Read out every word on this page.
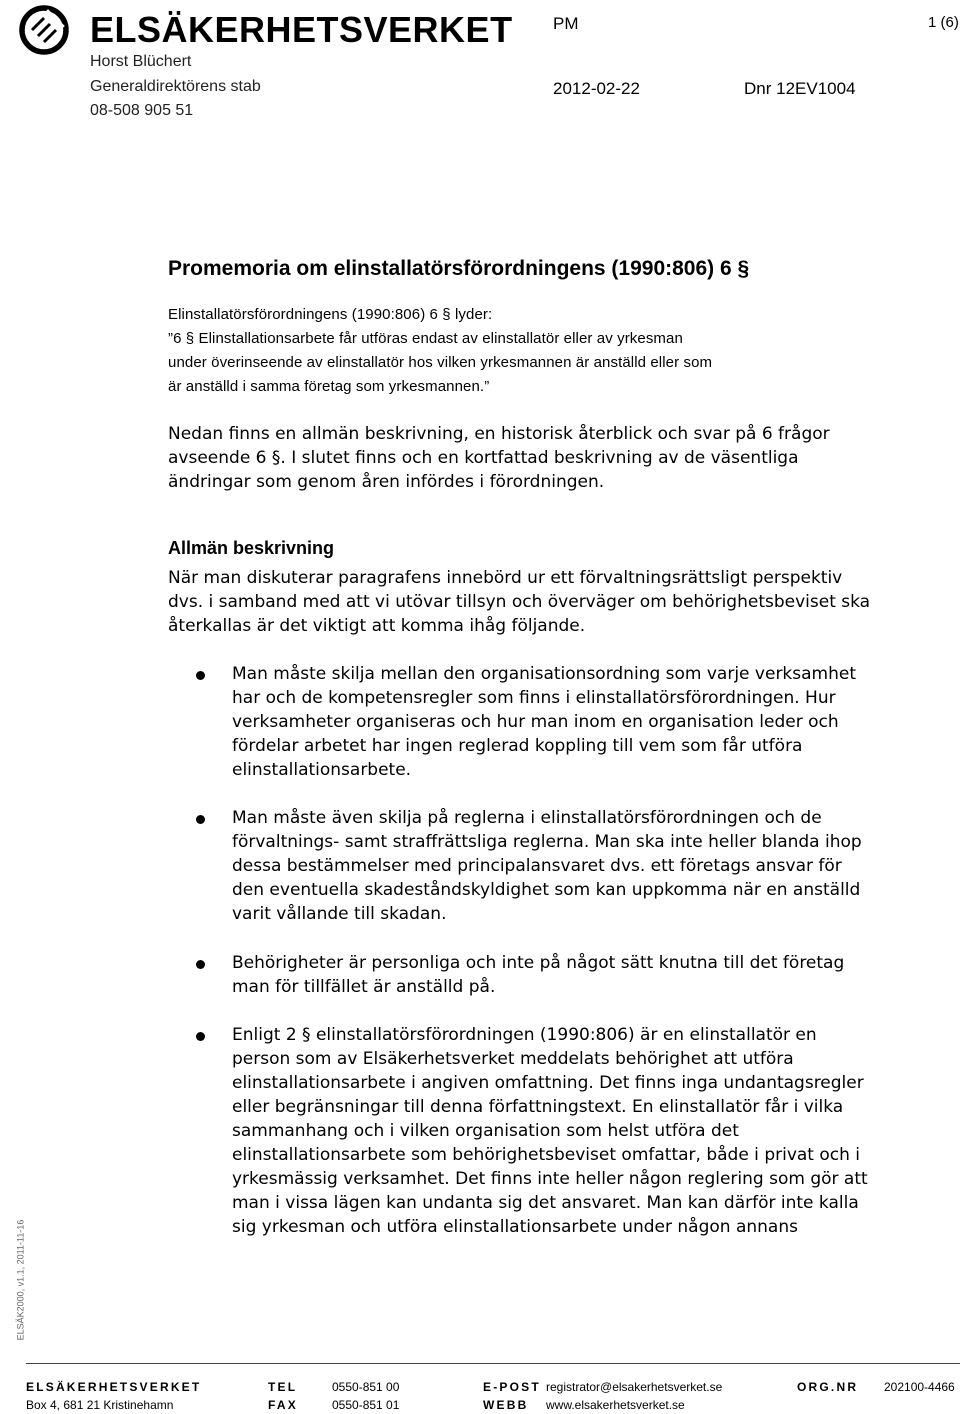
ELSÄKERHETSVERKET PM	1 (6)
Horst Blüchert
Generaldirektörens stab
08-508 905 51
2012-02-22	Dnr 12EV1004
Promemoria om elinstallatörsförordningens (1990:806) 6 §
Elinstallatörsförordningens (1990:806) 6 § lyder:
”6 § Elinstallationsarbete får utföras endast av elinstallatör eller av yrkesman
under överinseende av elinstallatör hos vilken yrkesmannen är anställd eller som
är anställd i samma företag som yrkesmannen.”
Nedan finns en allmän beskrivning, en historisk återblick och svar på 6 frågor
avseende 6 §. I slutet finns och en kortfattad beskrivning av de väsentliga
ändringar som genom åren infördes i förordningen.
Allmän beskrivning
När man diskuterar paragrafens innebörd ur ett förvaltningsrättsligt perspektiv
dvs. i samband med att vi utövar tillsyn och överväger om behörighetsbeviset ska
återkallas är det viktigt att komma ihåg följande.
Man måste skilja mellan den organisationsordning som varje verksamhet
har och de kompetensregler som finns i elinstallatörsförordningen. Hur
verksamheter organiseras och hur man inom en organisation leder och
fördelar arbetet har ingen reglerad koppling till vem som får utföra
elinstallationsarbete.
Man måste även skilja på reglerna i elinstallatörsförordningen och de
förvaltnings- samt straffrättsliga reglerna. Man ska inte heller blanda ihop
dessa bestämmelser med principalansvaret dvs. ett företags ansvar för
den eventuella skadeståndskyldighet som kan uppkomma när en anställd
varit vållande till skadan.
Behörigheter är personliga och inte på något sätt knutna till det företag
man för tillfället är anställd på.
Enligt 2 § elinstallatörsförordningen (1990:806) är en elinstallatör en
person som av Elsäkerhetsverket meddelats behörighet att utföra
elinstallationsarbete i angiven omfattning. Det finns inga undantagsregler
eller begränsningar till denna författningstext. En elinstallatör får i vilka
sammanhang och i vilken organisation som helst utföra det
elinstallationsarbete som behörighetsbeviset omfattar, både i privat och i
yrkesmässig verksamhet. Det finns inte heller någon reglering som gör att
man i vissa lägen kan undanta sig det ansvaret. Man kan därför inte kalla
sig yrkesman och utföra elinstallationsarbete under någon annans
ELSÄK2000, v1.1, 2011-11-16
ELSÄKERHETSVERKET
Box 4, 681 21 Kristinehamn
TEL	0550-851 00
FAX	0550-851 01
E-POST registrator@elsakerhetsverket.se
WEBB www.elsakerhetsverket.se
ORG.NR 202100-4466
